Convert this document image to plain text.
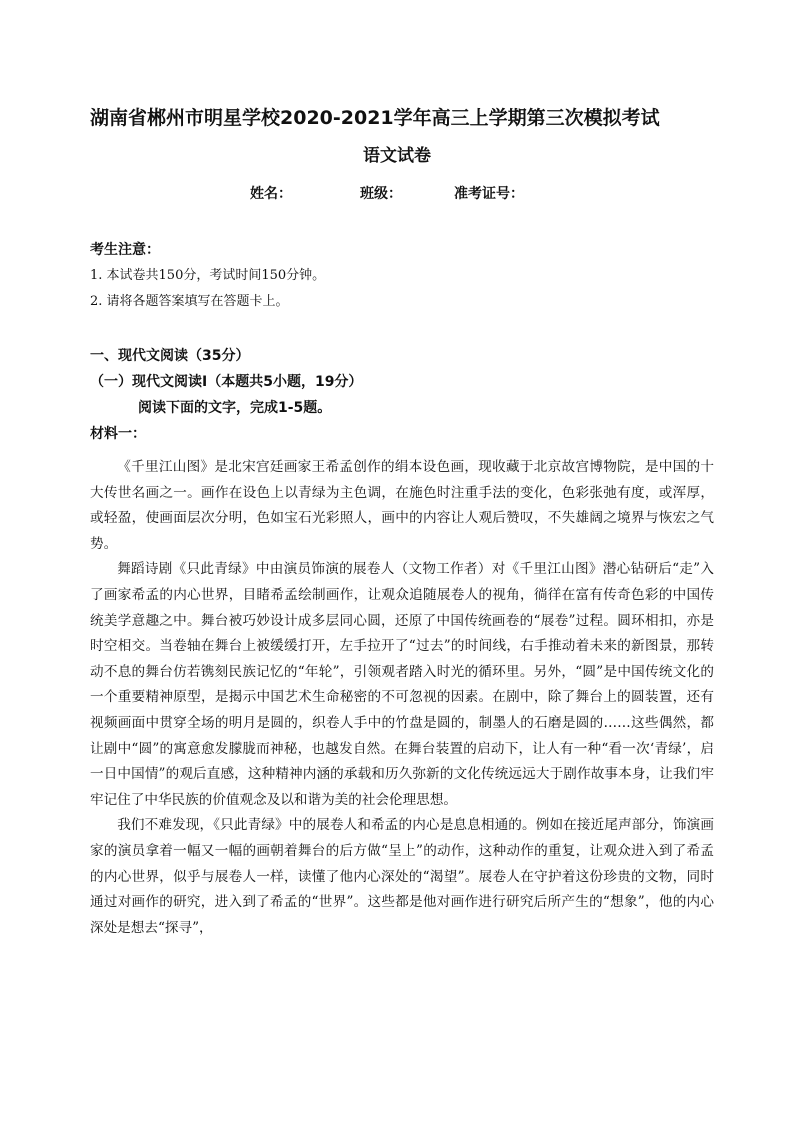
湖南省郴州市明星学校2020-2021学年高三上学期第三次模拟考试
语文试卷
姓名：	班级：	准考证号：
考生注意：
1. 本试卷共150分，考试时间150分钟。
2. 请将各题答案填写在答题卡上。
一、现代文阅读（35分）
（一）现代文阅读Ⅰ（本题共5小题，19分）
阅读下面的文字，完成1-5题。
材料一：

《千里江山图》是北宋宫廷画家王希孟创作的绢本设色画，现收藏于北京故宫博物院，是中国的十大传世名画之一。画作在设色上以青绿为主色调，在施色时注重手法的变化，色彩张弛有度，或浑厚，或轻盈，使画面层次分明，色如宝石光彩照人，画中的内容让人观后赞叹，不失雄阔之境界与恢宏之气势。

舞蹈诗剧《只此青绿》中由演员饰演的展卷人（文物工作者）对《千里江山图》潜心钻研后“走”入了画家希孟的内心世界，目睹希孟绘制画作，让观众追随展卷人的视角，徜徉在富有传奇色彩的中国传统美学意趣之中。舞台被巧妙设计成多层同心圆，还原了中国传统画卷的“展卷”过程。圆环相扣，亦是时空相交。当卷轴在舞台上被缓缓打开，左手拉开了“过去”的时间线，右手推动着未来的新图景，那转动不息的舞台仿若镌刻民族记忆的“年轮”，引领观者踏入时光的循环里。另外，“圆”是中国传统文化的一个重要精神原型，是揭示中国艺术生命秘密的不可忽视的因素。在剧中，除了舞台上的圆装置，还有视频画面中贯穿全场的明月是圆的，织卷人手中的竹盘是圆的，制墨人的石磨是圆的……这些偶然，都让剧中“圆”的寓意愈发朦胧而神秘，也越发自然。在舞台装置的启动下，让人有一种“看一次‘青绿’，启一日中国情”的观后直感，这种精神内涵的承载和历久弥新的文化传统远远大于剧作故事本身，让我们牢牢记住了中华民族的价值观念及以和谐为美的社会伦理思想。

我们不难发现，《只此青绿》中的展卷人和希孟的内心是息息相通的。例如在接近尾声部分，饰演画家的演员拿着一幅又一幅的画朝着舞台的后方做“呈上”的动作，这种动作的重复，让观众进入到了希孟的内心世界，似乎与展卷人一样，读懂了他内心深处的“渴望”。展卷人在守护着这份珍贵的文物，同时通过对画作的研究，进入到了希孟的“世界”。这些都是他对画作进行研究后所产生的“想象”，他的内心深处是想去“探寻”，
